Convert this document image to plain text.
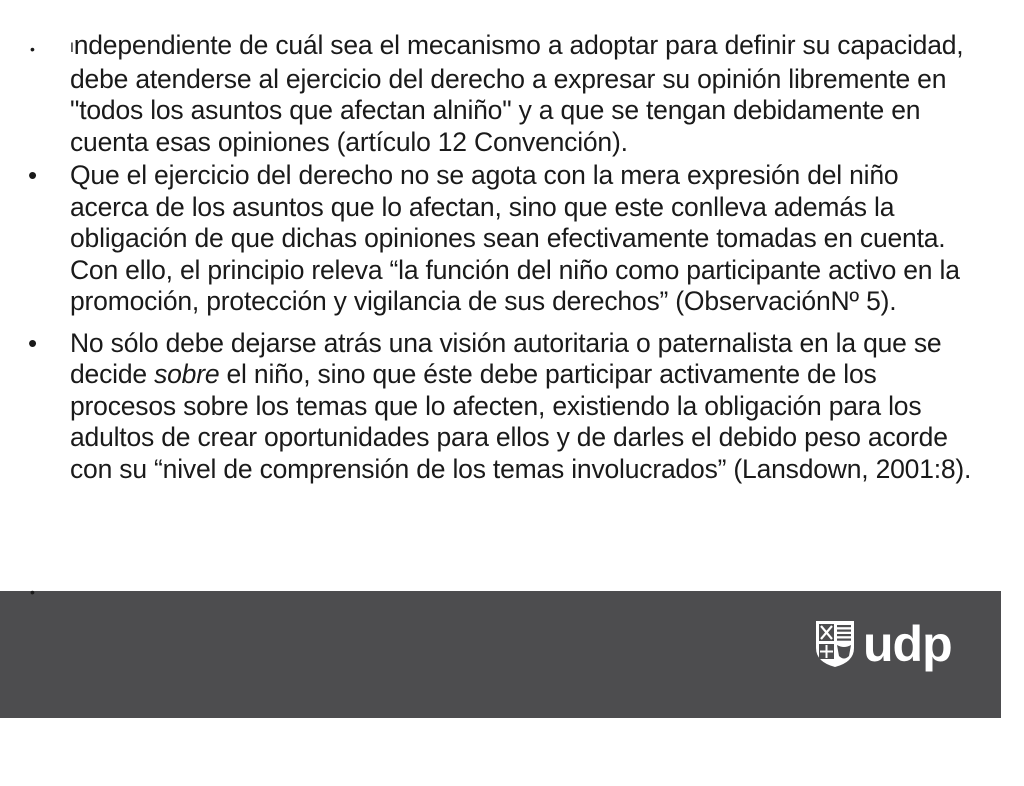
•	Independiente de cuál sea el mecanismo a adoptar para definir su capacidad, debe atenderse al ejercicio del derecho a expresar su opinión libremente en "todos los asuntos que afectan alniño" y a que se tengan debidamente en cuenta esas opiniones (artículo 12 Convención).
•	Que el ejercicio del derecho no se agota con la mera expresión del niño acerca de los asuntos que lo afectan, sino que este conlleva además la obligación de que dichas opiniones sean efectivamente tomadas en cuenta. Con ello, el principio releva “la función del niño como participante activo en la promoción, protección y vigilancia de sus derechos” (ObservaciónNº 5).
•	No sólo debe dejarse atrás una visión autoritaria o paternalista en la que se decide sobre el niño, sino que éste debe participar activamente de los procesos sobre los temas que lo afecten, existiendo la obligación para los adultos de crear oportunidades para ellos y de darles el debido peso acorde con su “nivel de comprensión de los temas involucrados” (Lansdown, 2001:8).
•
udp
